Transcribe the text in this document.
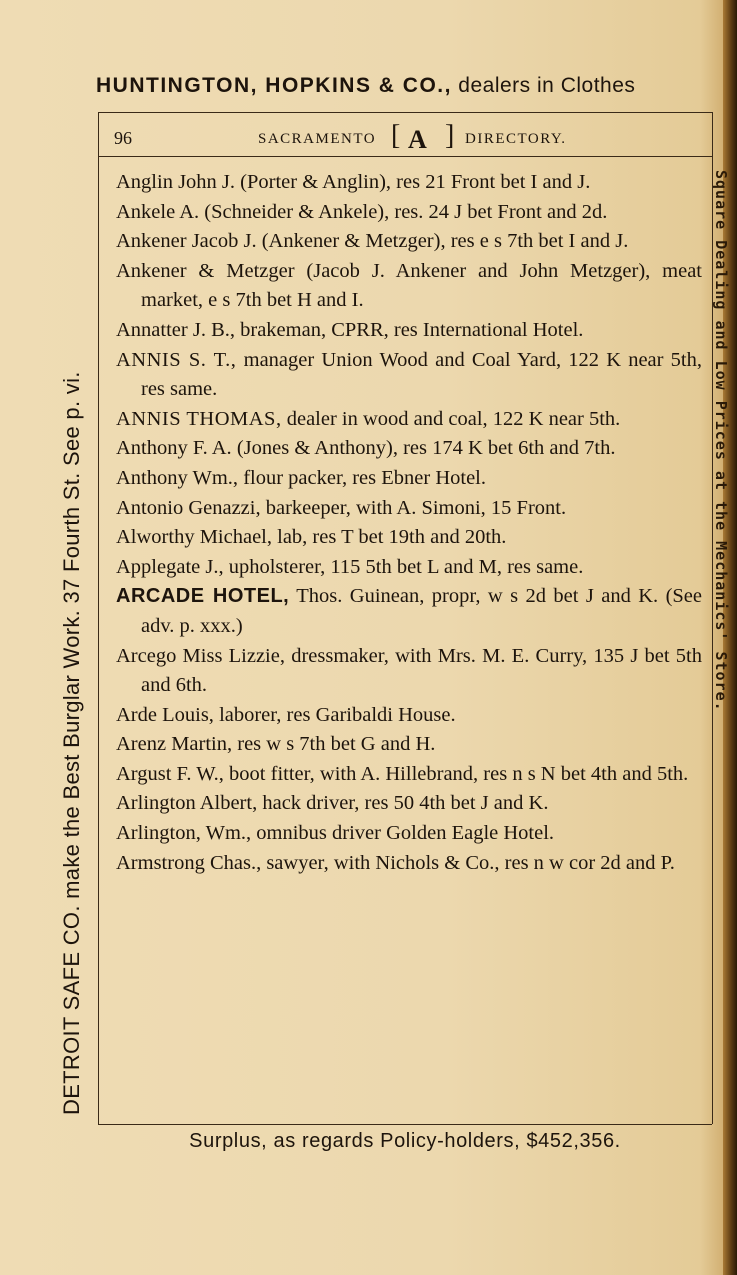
HUNTINGTON, HOPKINS & CO., dealers in Clothes
DETROIT SAFE CO. make the Best Burglar Work. 37 Fourth St. See p. vi.	Square Dealing and Low Prices at the Mechanics' Store.
96	SACRAMENTO [ A ] DIRECTORY.

Anglin John J. (Porter & Anglin), res 21 Front bet I and J.

Ankele A. (Schneider & Ankele), res. 24 J bet Front and 2d.

Ankener Jacob J. (Ankener & Metzger), res e s 7th bet I and J.

Ankener & Metzger (Jacob J. Ankener and John Metzger), meat market, e s 7th bet H and I.

Annatter J. B., brakeman, CPRR, res International Hotel.

ANNIS S. T., manager Union Wood and Coal Yard, 122 K near 5th, res same.

ANNIS THOMAS, dealer in wood and coal, 122 K near 5th.

Anthony F. A. (Jones & Anthony), res 174 K bet 6th and 7th.

Anthony Wm., flour packer, res Ebner Hotel.

Antonio Genazzi, barkeeper, with A. Simoni, 15 Front.

Alworthy Michael, lab, res T bet 19th and 20th.

Applegate J., upholsterer, 115 5th bet L and M, res same.

ARCADE HOTEL, Thos. Guinean, propr, w s 2d bet J and K. (See adv. p. xxx.)

Arcego Miss Lizzie, dressmaker, with Mrs. M. E. Curry, 135 J bet 5th and 6th.

Arde Louis, laborer, res Garibaldi House.

Arenz Martin, res w s 7th bet G and H.

Argust F. W., boot fitter, with A. Hillebrand, res n s N bet 4th and 5th.

Arlington Albert, hack driver, res 50 4th bet J and K.

Arlington, Wm., omnibus driver Golden Eagle Hotel.

Armstrong Chas., sawyer, with Nichols & Co., res n w cor 2d and P.

Surplus, as regards Policy-holders, $452,356.
